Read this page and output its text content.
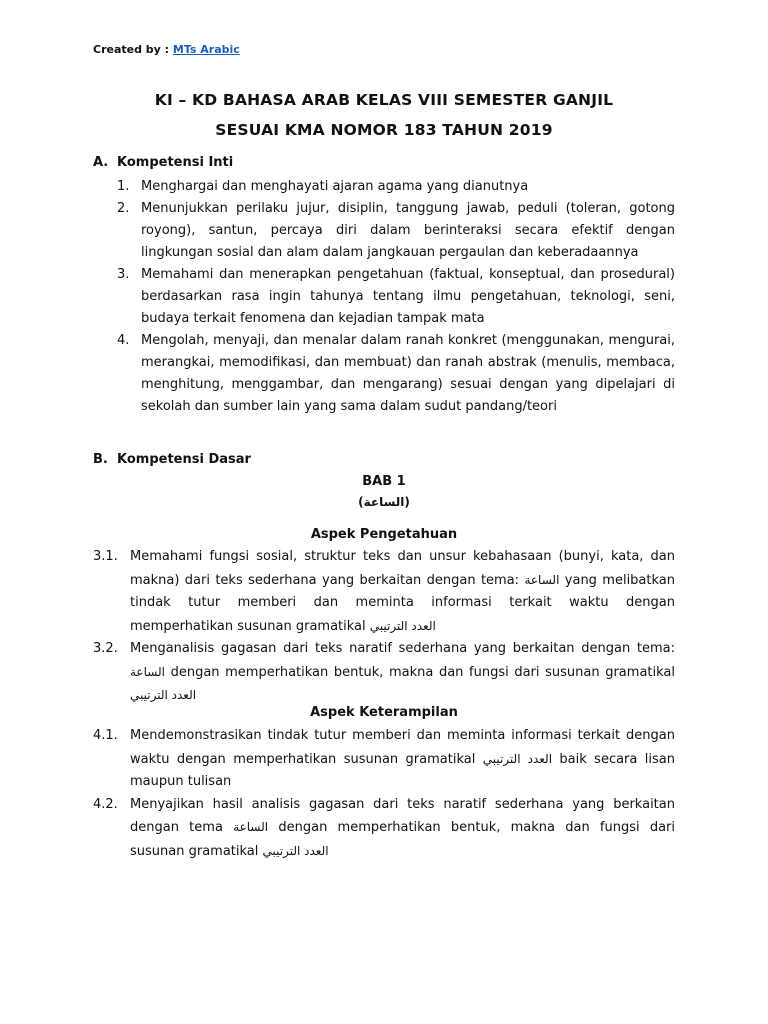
Created by : MTs Arabic
KI – KD BAHASA ARAB KELAS VIII SEMESTER GANJIL
SESUAI KMA NOMOR 183 TAHUN 2019
A. Kompetensi Inti
1. Menghargai dan menghayati ajaran agama yang dianutnya
2. Menunjukkan perilaku jujur, disiplin, tanggung jawab, peduli (toleran, gotong royong), santun, percaya diri dalam berinteraksi secara efektif dengan lingkungan sosial dan alam dalam jangkauan pergaulan dan keberadaannya
3. Memahami dan menerapkan pengetahuan (faktual, konseptual, dan prosedural) berdasarkan rasa ingin tahunya tentang ilmu pengetahuan, teknologi, seni, budaya terkait fenomena dan kejadian tampak mata
4. Mengolah, menyaji, dan menalar dalam ranah konkret (menggunakan, mengurai, merangkai, memodifikasi, dan membuat) dan ranah abstrak (menulis, membaca, menghitung, menggambar, dan mengarang) sesuai dengan yang dipelajari di sekolah dan sumber lain yang sama dalam sudut pandang/teori
B. Kompetensi Dasar
BAB 1
(الساعة)
Aspek Pengetahuan
3.1. Memahami fungsi sosial, struktur teks dan unsur kebahasaan (bunyi, kata, dan makna) dari teks sederhana yang berkaitan dengan tema: الساعة yang melibatkan tindak tutur memberi dan meminta informasi terkait waktu dengan memperhatikan susunan gramatikal العدد الترتيبي
3.2. Menganalisis gagasan dari teks naratif sederhana yang berkaitan dengan tema: الساعة dengan memperhatikan bentuk, makna dan fungsi dari susunan gramatikal العدد الترتيبي
Aspek Keterampilan
4.1. Mendemonstrasikan tindak tutur memberi dan meminta informasi terkait dengan waktu dengan memperhatikan susunan gramatikal العدد الترتيبي baik secara lisan maupun tulisan
4.2. Menyajikan hasil analisis gagasan dari teks naratif sederhana yang berkaitan dengan tema الساعة dengan memperhatikan bentuk, makna dan fungsi dari susunan gramatikal العدد الترتيبي
